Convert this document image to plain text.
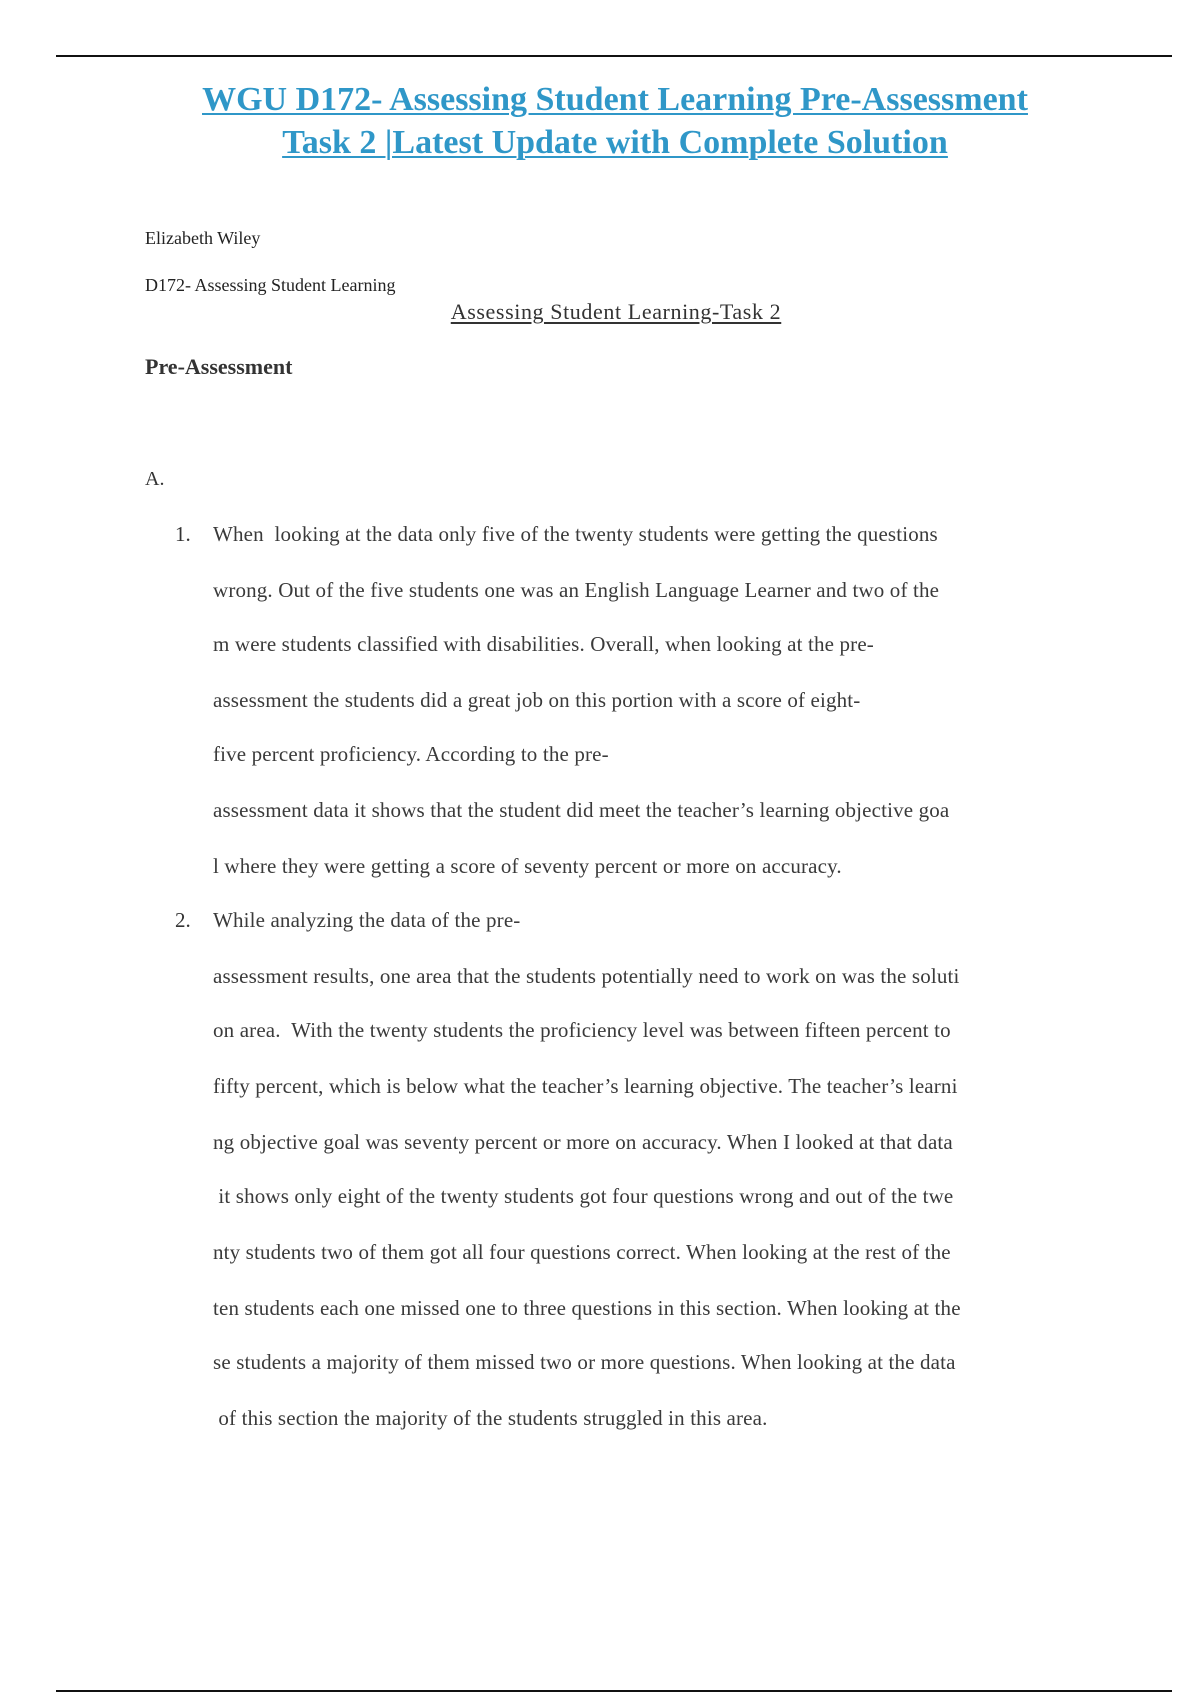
WGU D172- Assessing Student Learning Pre-Assessment
Task 2 |Latest Update with Complete Solution
Elizabeth Wiley
D172- Assessing Student Learning
Assessing Student Learning-Task 2
Pre-Assessment
A.
1. When  looking at the data only five of the twenty students were getting the questions
wrong. Out of the five students one was an English Language Learner and two of the
m were students classified with disabilities. Overall, when looking at the pre-
assessment the students did a great job on this portion with a score of eight-
five percent proficiency. According to the pre-
assessment data it shows that the student did meet the teacher’s learning objective goa
l where they were getting a score of seventy percent or more on accuracy.
2. While analyzing the data of the pre-
assessment results, one area that the students potentially need to work on was the soluti
on area.  With the twenty students the proficiency level was between fifteen percent to
fifty percent, which is below what the teacher’s learning objective. The teacher’s learni
ng objective goal was seventy percent or more on accuracy. When I looked at that data
it shows only eight of the twenty students got four questions wrong and out of the twe
nty students two of them got all four questions correct. When looking at the rest of the
ten students each one missed one to three questions in this section. When looking at the
se students a majority of them missed two or more questions. When looking at the data
of this section the majority of the students struggled in this area.
